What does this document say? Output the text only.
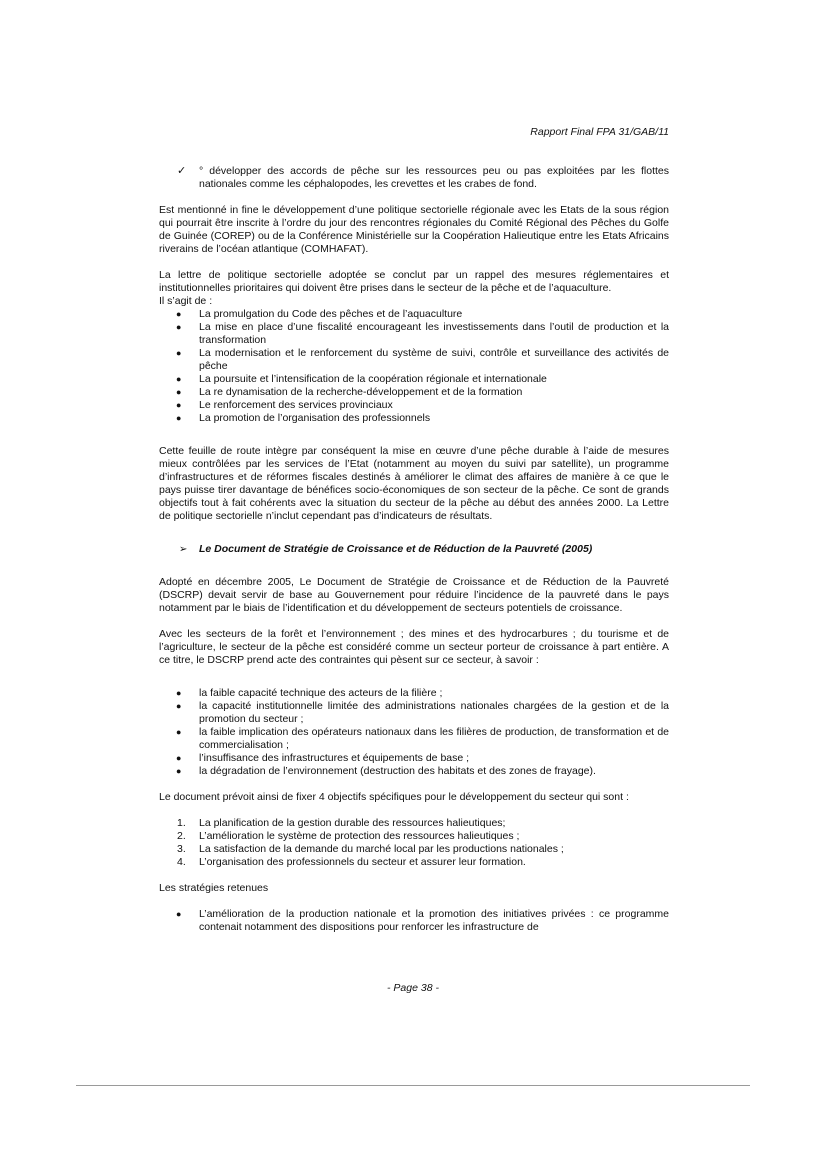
Rapport Final FPA 31/GAB/11
✓ ° développer des accords de pêche sur les ressources peu ou pas exploitées par les flottes nationales comme les céphalopodes, les crevettes et les crabes de fond.

Est mentionné in fine le développement d’une politique sectorielle régionale avec les Etats de la sous région qui pourrait être inscrite à l’ordre du jour des rencontres régionales du Comité Régional des Pêches du Golfe de Guinée (COREP) ou de la Conférence Ministérielle sur la Coopération Halieutique entre les Etats Africains riverains de l’océan atlantique (COMHAFAT).

La lettre de politique sectorielle adoptée se conclut par un rappel des mesures réglementaires et institutionnelles prioritaires qui doivent être prises dans le secteur de la pêche et de l’aquaculture.

Il s’agit de :

● La promulgation du Code des pêches et de l’aquaculture
● La mise en place d’une fiscalité encourageant les investissements dans l’outil de production et la transformation
● La modernisation et le renforcement du système de suivi, contrôle et surveillance des activités de pêche
● La poursuite et l’intensification de la coopération régionale et internationale
● La re dynamisation de la recherche-développement et de la formation
● Le renforcement des services provinciaux
● La promotion de l’organisation des professionnels

Cette feuille de route intègre par conséquent la mise en œuvre d’une pêche durable à l’aide de mesures mieux contrôlées par les services de l’Etat (notamment au moyen du suivi par satellite), un programme d’infrastructures et de réformes fiscales destinés à améliorer le climat des affaires de manière à ce que le pays puisse tirer davantage de bénéfices socio-économiques de son secteur de la pêche. Ce sont de grands objectifs tout à fait cohérents avec la situation du secteur de la pêche au début des années 2000. La Lettre de politique sectorielle n’inclut cependant pas d’indicateurs de résultats.

➢ Le Document de Stratégie de Croissance et de Réduction de la Pauvreté (2005)

Adopté en décembre 2005, Le Document de Stratégie de Croissance et de Réduction de la Pauvreté (DSCRP) devait servir de base au Gouvernement pour réduire l’incidence de la pauvreté dans le pays notamment par le biais de l’identification et du développement de secteurs potentiels de croissance.

Avec les secteurs de la forêt et l’environnement ; des mines et des hydrocarbures ; du tourisme et de l’agriculture, le secteur de la pêche est considéré comme un secteur porteur de croissance à part entière. A ce titre, le DSCRP prend acte des contraintes qui pèsent sur ce secteur, à savoir :

● la faible capacité technique des acteurs de la filière ;
● la capacité institutionnelle limitée des administrations nationales chargées de la gestion et de la promotion du secteur ;
● la faible implication des opérateurs nationaux dans les filières de production, de transformation et de commercialisation ;
● l’insuffisance des infrastructures et équipements de base ;
● la dégradation de l’environnement (destruction des habitats et des zones de frayage).

Le document prévoit ainsi de fixer 4 objectifs spécifiques pour le développement du secteur qui sont :

1. La planification de la gestion durable des ressources halieutiques;
2. L’amélioration le système de protection des ressources halieutiques ;
3. La satisfaction de la demande du marché local par les productions nationales ;
4. L’organisation des professionnels du secteur et assurer leur formation.

Les stratégies retenues

● L’amélioration de la production nationale et la promotion des initiatives privées : ce programme contenait notamment des dispositions pour renforcer les infrastructure de
- Page 38 -
